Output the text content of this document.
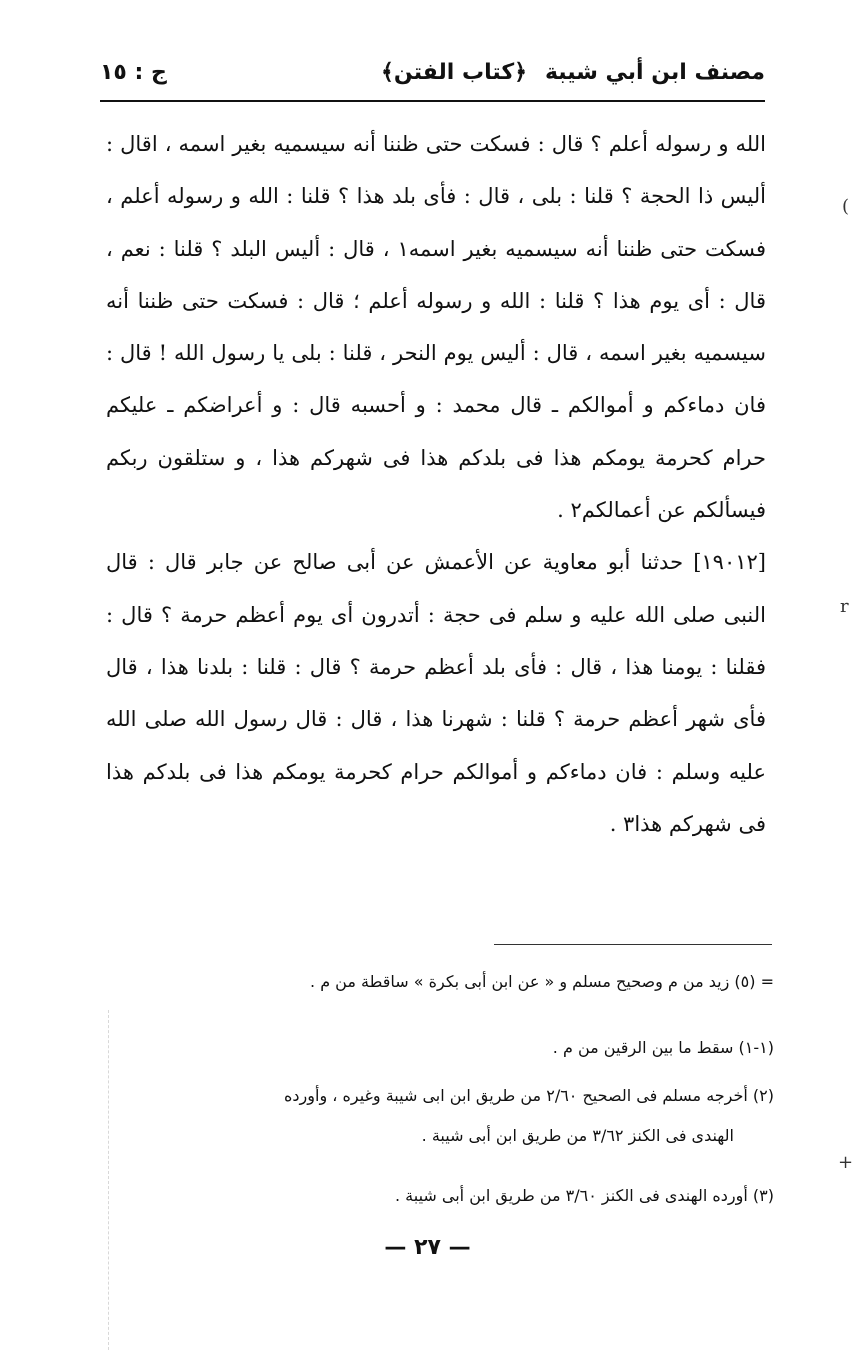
مصنف ابن أبي شيبة
﴿كتاب الفتن﴾
ج : ١٥

الله و رسوله أعلم ؟ قال : فسكت حتى ظننا أنه سيسميه بغير اسمه ، اقال : أليس ذا الحجة ؟ قلنا : بلى ، قال : فأى بلد هذا ؟ قلنا : الله و رسوله أعلم ، فسكت حتى ظننا أنه سيسميه بغير اسمه١ ، قال : أليس البلد ؟ قلنا : نعم ، قال : أى يوم هذا ؟ قلنا : الله و رسوله أعلم ؛ قال : فسكت حتى ظننا أنه سيسميه بغير اسمه ، قال : أليس يوم النحر ، قلنا : بلى يا رسول الله ! قال : فان دماءكم و أموالكم ـ قال محمد : و أحسبه قال : و أعراضكم ـ عليكم حرام كحرمة يومكم هذا فى بلدكم هذا فى شهركم هذا ، و ستلقون ربكم فيسألكم عن أعمالكم٢ .

[١٩٠١٢] حدثنا أبو معاوية عن الأعمش عن أبى صالح عن جابر قال : قال النبى صلى الله عليه و سلم فى حجة : أتدرون أى يوم أعظم حرمة ؟ قال : فقلنا : يومنا هذا ، قال : فأى بلد أعظم حرمة ؟ قال : قلنا : بلدنا هذا ، قال فأى شهر أعظم حرمة ؟ قلنا : شهرنا هذا ، قال : قال رسول الله صلى الله عليه وسلم : فان دماءكم و أموالكم حرام كحرمة يومكم هذا فى بلدكم هذا فى شهركم هذا٣ .

= (٥) زيد من م وصحيح مسلم و « عن ابن أبى بكرة » ساقطة من م .
(١-١) سقط ما بين الرقين من م .
(٢) أخرجه مسلم فى الصحيح ٢/٦٠ من طريق ابن ابى شيبة وغيره ، وأورده
الهندى فى الكنز ٣/٦٢ من طريق ابن أبى شيبة .
(٣) أورده الهندى فى الكنز ٣/٦٠ من طريق ابن أبى شيبة .
— ٢٧ —
(
r
+
